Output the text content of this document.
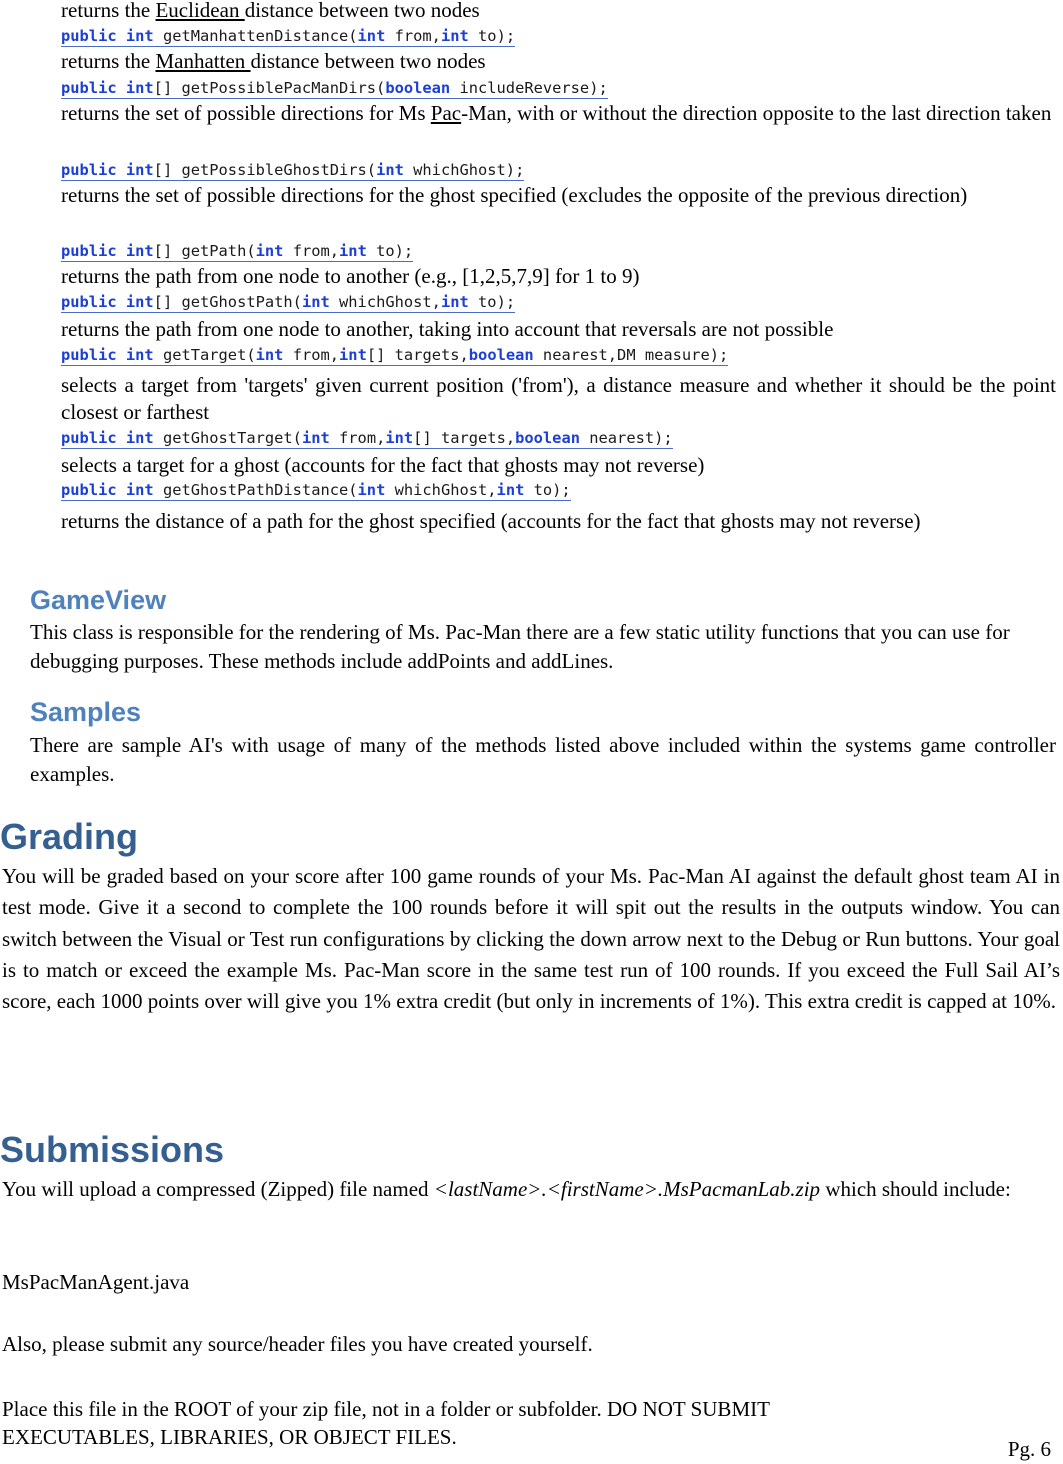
returns the Euclidean distance between two nodes
public int getManhattenDistance(int from,int to);
returns the Manhatten distance between two nodes
public int[] getPossiblePacManDirs(boolean includeReverse);
returns the set of possible directions for Ms Pac-Man, with or without the direction opposite to the last direction taken
public int[] getPossibleGhostDirs(int whichGhost);
returns the set of possible directions for the ghost specified (excludes the opposite of the previous direction)
public int[] getPath(int from,int to);
returns the path from one node to another (e.g., [1,2,5,7,9] for 1 to 9)
public int[] getGhostPath(int whichGhost,int to);
returns the path from one node to another, taking into account that reversals are not possible
public int getTarget(int from,int[] targets,boolean nearest,DM measure);
selects a target from 'targets' given current position ('from'), a distance measure and whether it should be the point closest or farthest
public int getGhostTarget(int from,int[] targets,boolean nearest);
selects a target for a ghost (accounts for the fact that ghosts may not reverse)
public int getGhostPathDistance(int whichGhost,int to);
returns the distance of a path for the ghost specified (accounts for the fact that ghosts may not reverse)
GameView
This class is responsible for the rendering of Ms. Pac-Man there are a few static utility functions that you can use for debugging purposes. These methods include addPoints and addLines.
Samples
There are sample AI's with usage of many of the methods listed above included within the systems game controller examples.
Grading
You will be graded based on your score after 100 game rounds of your Ms. Pac-Man AI against the default ghost team AI in test mode. Give it a second to complete the 100 rounds before it will spit out the results in the outputs window. You can switch between the Visual or Test run configurations by clicking the down arrow next to the Debug or Run buttons. Your goal is to match or exceed the example Ms. Pac-Man score in the same test run of 100 rounds. If you exceed the Full Sail AI’s score, each 1000 points over will give you 1% extra credit (but only in increments of 1%). This extra credit is capped at 10%.
Submissions
You will upload a compressed (Zipped) file named <lastName>.<firstName>.MsPacmanLab.zip which should include:
MsPacManAgent.java
Also, please submit any source/header files you have created yourself.
Place this file in the ROOT of your zip file, not in a folder or subfolder. DO NOT SUBMIT
EXECUTABLES, LIBRARIES, OR OBJECT FILES.	Pg. 6
